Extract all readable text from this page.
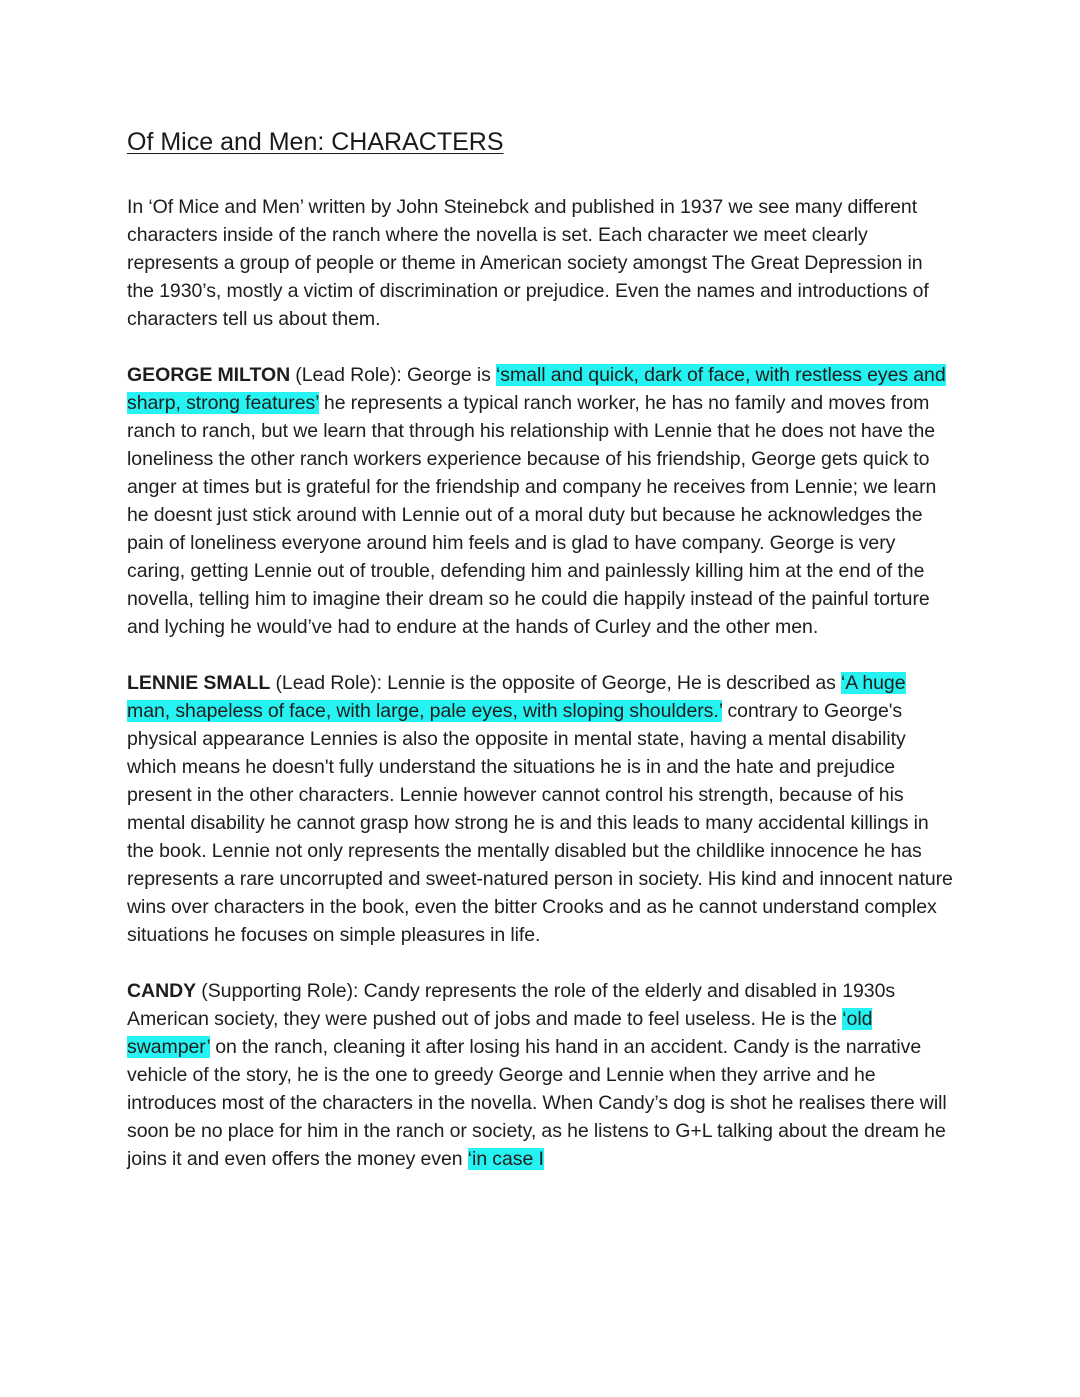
Of Mice and Men: CHARACTERS

In ‘Of Mice and Men’ written by John Steinebck and published in 1937 we see many different characters inside of the ranch where the novella is set. Each character we meet clearly represents a group of people or theme in American society amongst The Great Depression in the 1930’s, mostly a victim of discrimination or prejudice. Even the names and introductions of characters tell us about them.

GEORGE MILTON (Lead Role): George is ‘small and quick, dark of face, with restless eyes and sharp, strong features’ he represents a typical ranch worker, he has no family and moves from ranch to ranch, but we learn that through his relationship with Lennie that he does not have the loneliness the other ranch workers experience because of his friendship, George gets quick to anger at times but is grateful for the friendship and company he receives from Lennie; we learn he doesnt just stick around with Lennie out of a moral duty but because he acknowledges the pain of loneliness everyone around him feels and is glad to have company. George is very caring, getting Lennie out of trouble, defending him and painlessly killing him at the end of the novella, telling him to imagine their dream so he could die happily instead of the painful torture and lyching he would’ve had to endure at the hands of Curley and the other men.

LENNIE SMALL (Lead Role): Lennie is the opposite of George, He is described as ‘A huge man, shapeless of face, with large, pale eyes, with sloping shoulders.’ contrary to George's physical appearance Lennies is also the opposite in mental state, having a mental disability which means he doesn't fully understand the situations he is in and the hate and prejudice present in the other characters. Lennie however cannot control his strength, because of his mental disability he cannot grasp how strong he is and this leads to many accidental killings in the book. Lennie not only represents the mentally disabled but the childlike innocence he has represents a rare uncorrupted and sweet-natured person in society. His kind and innocent nature wins over characters in the book, even the bitter Crooks and as he cannot understand complex situations he focuses on simple pleasures in life.

CANDY (Supporting Role): Candy represents the role of the elderly and disabled in 1930s American society, they were pushed out of jobs and made to feel useless. He is the ‘old swamper’ on the ranch, cleaning it after losing his hand in an accident. Candy is the narrative vehicle of the story, he is the one to greedy George and Lennie when they arrive and he introduces most of the characters in the novella. When Candy’s dog is shot he realises there will soon be no place for him in the ranch or society, as he listens to G+L talking about the dream he joins it and even offers the money even ‘in case I
